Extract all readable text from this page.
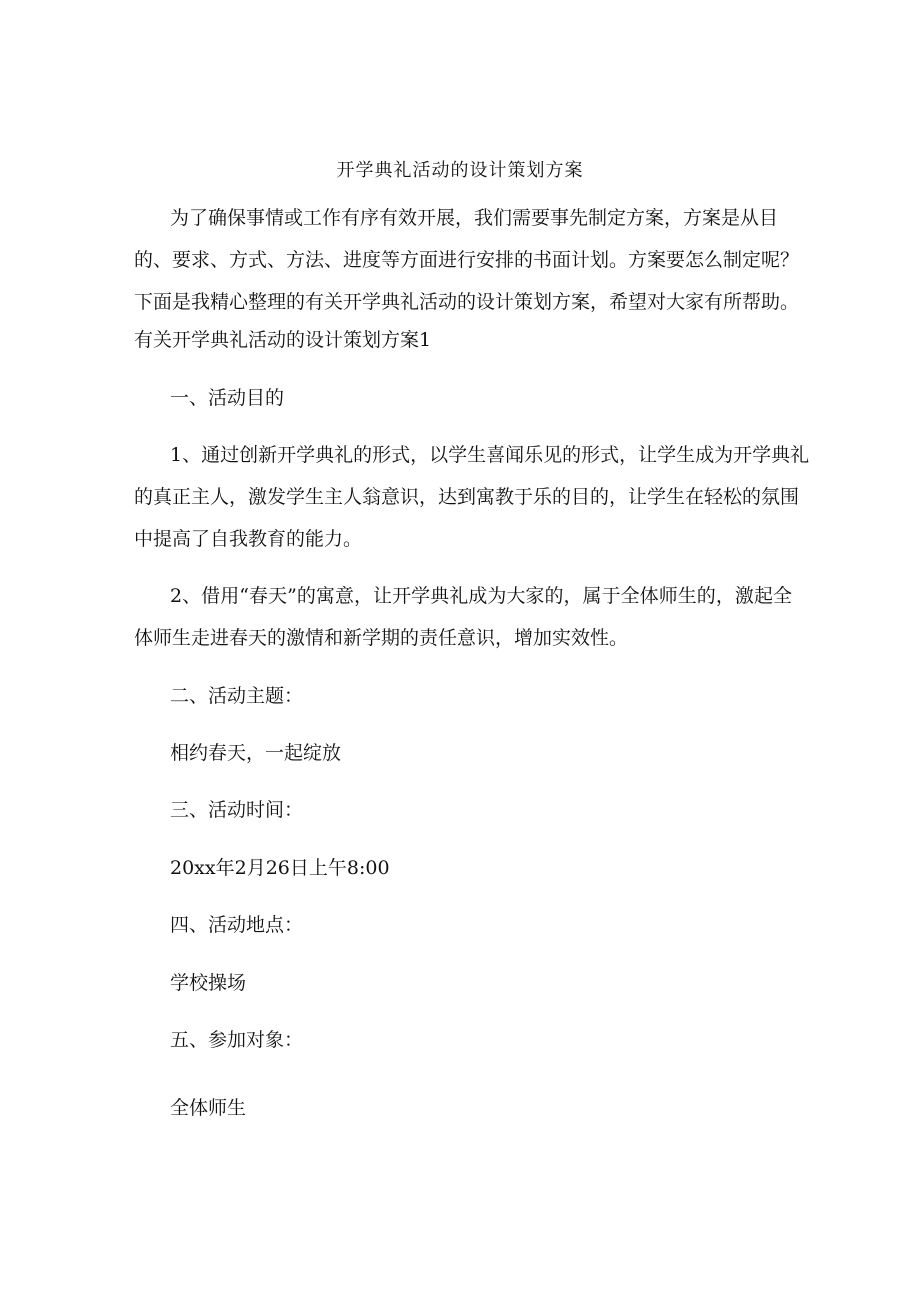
开学典礼活动的设计策划方案

为了确保事情或工作有序有效开展，我们需要事先制定方案，方案是从目

的、要求、方式、方法、进度等方面进行安排的书面计划。方案要怎么制定呢？

下面是我精心整理的有关开学典礼活动的设计策划方案，希望对大家有所帮助。

有关开学典礼活动的设计策划方案1

一、活动目的

1、通过创新开学典礼的形式，以学生喜闻乐见的形式，让学生成为开学典礼

的真正主人，激发学生主人翁意识，达到寓教于乐的目的，让学生在轻松的氛围

中提高了自我教育的能力。

2、借用“春天”的寓意，让开学典礼成为大家的，属于全体师生的，激起全

体师生走进春天的激情和新学期的责任意识，增加实效性。

二、活动主题：

相约春天，一起绽放

三、活动时间：

20xx年2月26日上午8:00

四、活动地点：

学校操场

五、参加对象：

全体师生
